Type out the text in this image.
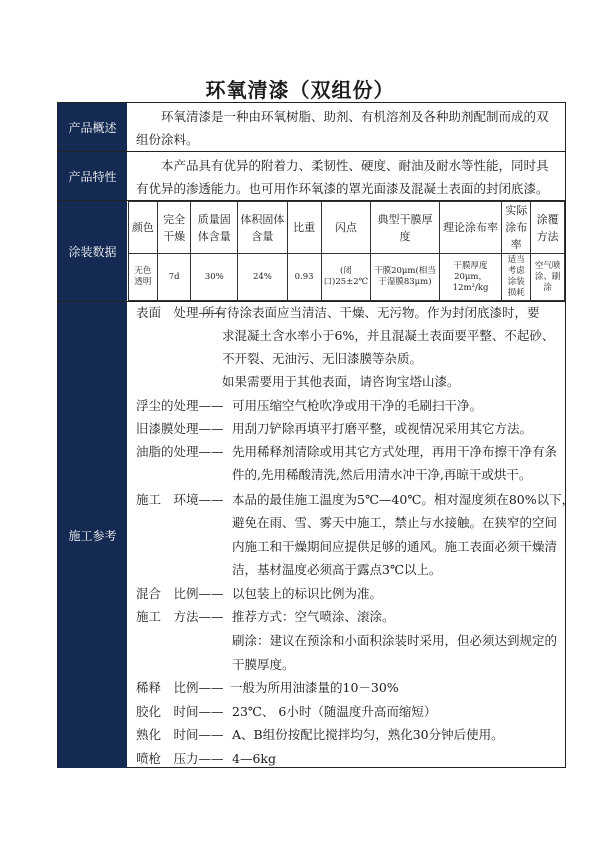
环氧清漆（双组份）
产品概述

环氧清漆是一种由环氧树脂、助剂、有机溶剂及各种助剂配制而成的双组份涂料。

产品特性

本产品具有优异的附着力、柔韧性、硬度、耐油及耐水等性能，同时具有优异的渗透能力。也可用作环氧漆的罩光面漆及混凝土表面的封闭底漆。

涂装数据
颜色	完全干燥	质量固体含量	体积固体含量	比重	闪点	典型干膜厚度	理论涂布率	实际涂布率	涂覆方法
无色透明	7d	30%	24%	0.93	(闭口)25±2℃	干膜20μm(相当于湿膜83μm)	干膜厚度20μm，12m²/kg	适当考虑涂装损耗	空气喷涂、刷涂
施工参考
表面　处理——
所有待涂表面应当清洁、干燥、无污物。作为封闭底漆时，要
求混凝土含水率小于6%，并且混凝土表面要平整、不起砂、
不开裂、无油污、无旧漆膜等杂质。
如果需要用于其他表面，请咨询宝塔山漆。
浮尘的处理—— 可用压缩空气枪吹净或用干净的毛刷扫干净。
旧漆膜处理—— 用刮刀铲除再填平打磨平整，或视情况采用其它方法。
油脂的处理—— 先用稀释剂清除或用其它方式处理，再用干净布擦干净有条
件的,先用稀酸清洗,然后用清水冲干净,再晾干或烘干。
施工　环境—— 本品的最佳施工温度为5℃—40℃。相对湿度须在80%以下，
避免在雨、雪、雾天中施工，禁止与水接触。在狭窄的空间
内施工和干燥期间应提供足够的通风。施工表面必须干燥清
洁，基材温度必须高于露点3℃以上。
混合　比例—— 以包装上的标识比例为准。
施工　方法—— 推荐方式：空气喷涂、滚涂。
刷涂：建议在预涂和小面积涂装时采用，但必须达到规定的
干膜厚度。
稀释　比例—— 一般为所用油漆量的10－30%
胶化　时间—— 23℃、 6小时（随温度升高而缩短）
熟化　时间—— A、B组份按配比搅拌均匀，熟化30分钟后使用。
喷枪　压力—— 4—6kg
